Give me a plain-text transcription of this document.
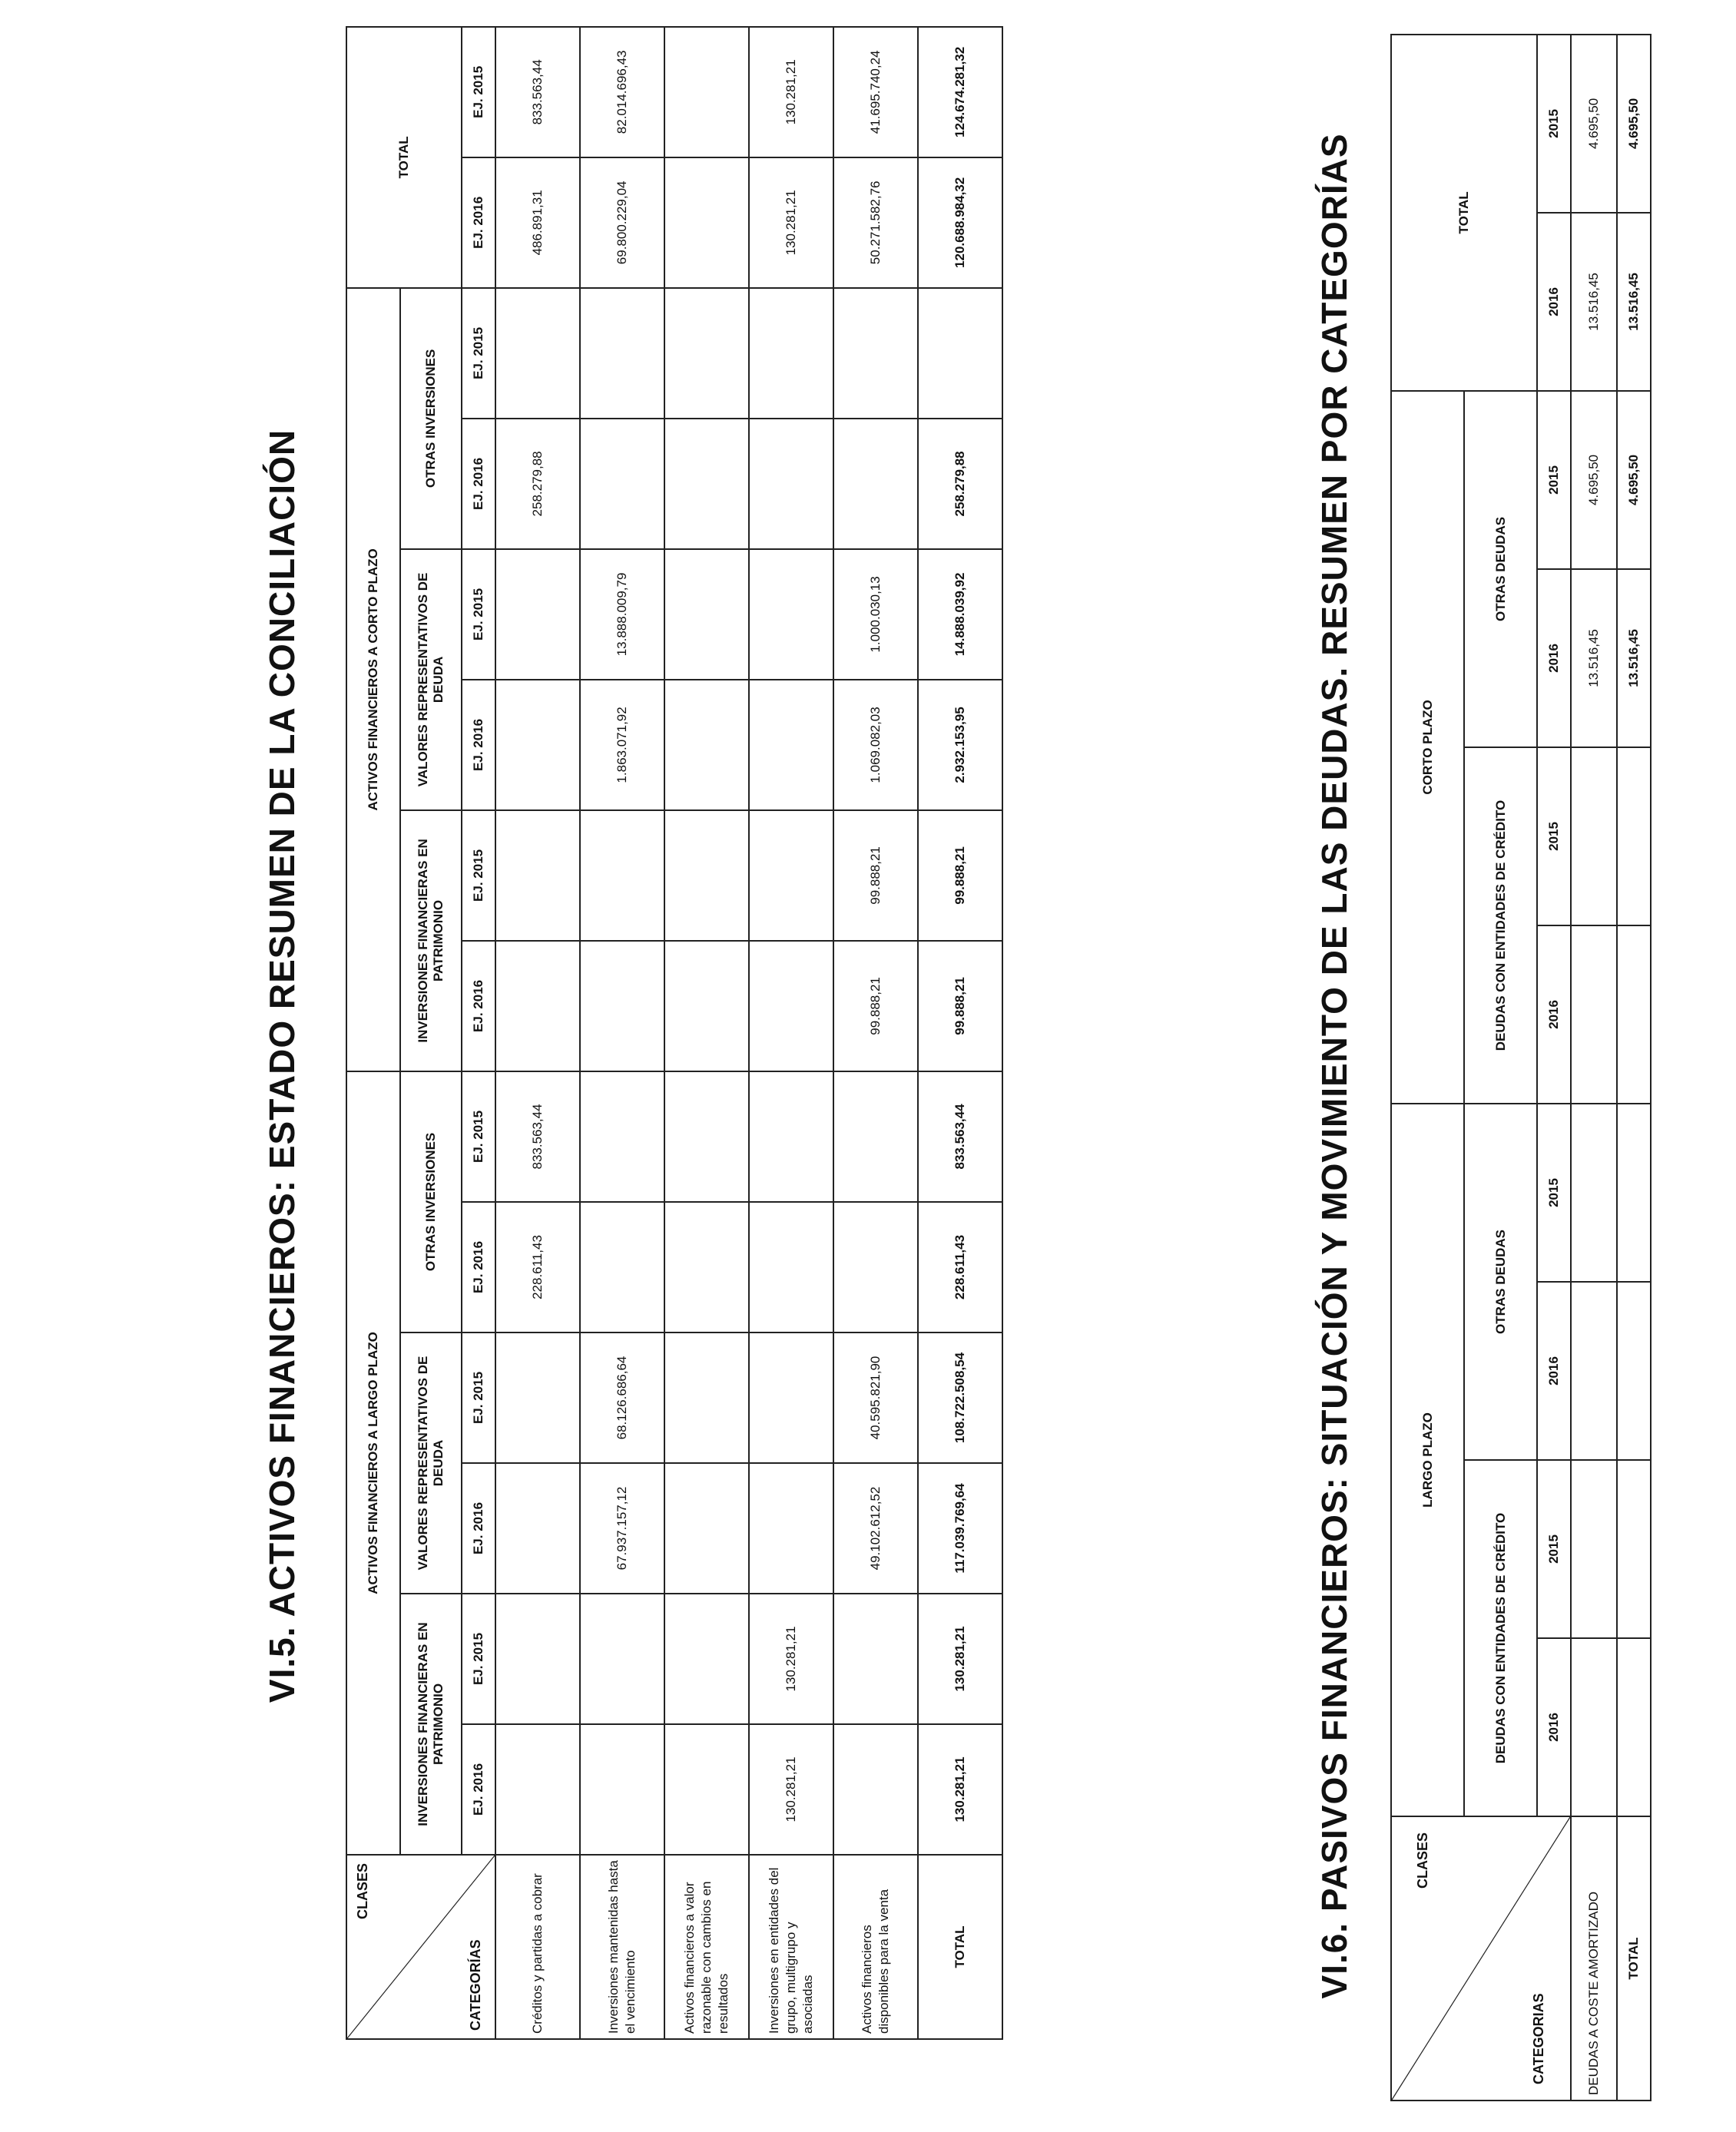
VI.5. ACTIVOS FINANCIEROS: ESTADO RESUMEN DE LA CONCILIACIÓN
CLASES
CATEGORÍAS	ACTIVOS FINANCIEROS A LARGO PLAZO						ACTIVOS FINANCIEROS A CORTO PLAZO						TOTAL	
	INVERSIONES FINANCIERAS EN PATRIMONIO		VALORES REPRESENTATIVOS DE DEUDA		OTRAS INVERSIONES		INVERSIONES FINANCIERAS EN PATRIMONIO		VALORES REPRESENTATIVOS DE DEUDA		OTRAS INVERSIONES			
	EJ. 2016	EJ. 2015	EJ. 2016	EJ. 2015	EJ. 2016	EJ. 2015	EJ. 2016	EJ. 2015	EJ. 2016	EJ. 2015	EJ. 2016	EJ. 2015	EJ. 2016	EJ. 2015
Créditos y partidas a cobrar					228.611,43	833.563,44					258.279,88		486.891,31	833.563,44
Inversiones mantenidas hasta el vencimiento			67.937.157,12	68.126.686,64					1.863.071,92	13.888.009,79			69.800.229,04	82.014.696,43
Activos financieros a valor razonable con cambios en resultados														
Inversiones en entidades del grupo, multigrupo y asociadas	130.281,21	130.281,21											130.281,21	130.281,21
Activos financieros disponibles para la venta			49.102.612,52	40.595.821,90			99.888,21	99.888,21	1.069.082,03	1.000.030,13			50.271.582,76	41.695.740,24
TOTAL	130.281,21	130.281,21	117.039.769,64	108.722.508,54	228.611,43	833.563,44	99.888,21	99.888,21	2.932.153,95	14.888.039,92	258.279,88		120.688.984,32	124.674.281,32
VI.6. PASIVOS FINANCIEROS: SITUACIÓN Y MOVIMIENTO DE LAS DEUDAS. RESUMEN POR CATEGORÍAS	CLASES
CATEGORIAS	LARGO PLAZO				CORTO PLAZO				TOTAL	
	DEUDAS CON ENTIDADES DE CRÉDITO		OTRAS DEUDAS		DEUDAS CON ENTIDADES DE CRÉDITO		OTRAS DEUDAS			
	2016	2015	2016	2015	2016	2015	2016	2015	2016	2015
DEUDAS A COSTE AMORTIZADO							13.516,45	4.695,50	13.516,45	4.695,50
TOTAL							13.516,45	4.695,50	13.516,45	4.695,50
